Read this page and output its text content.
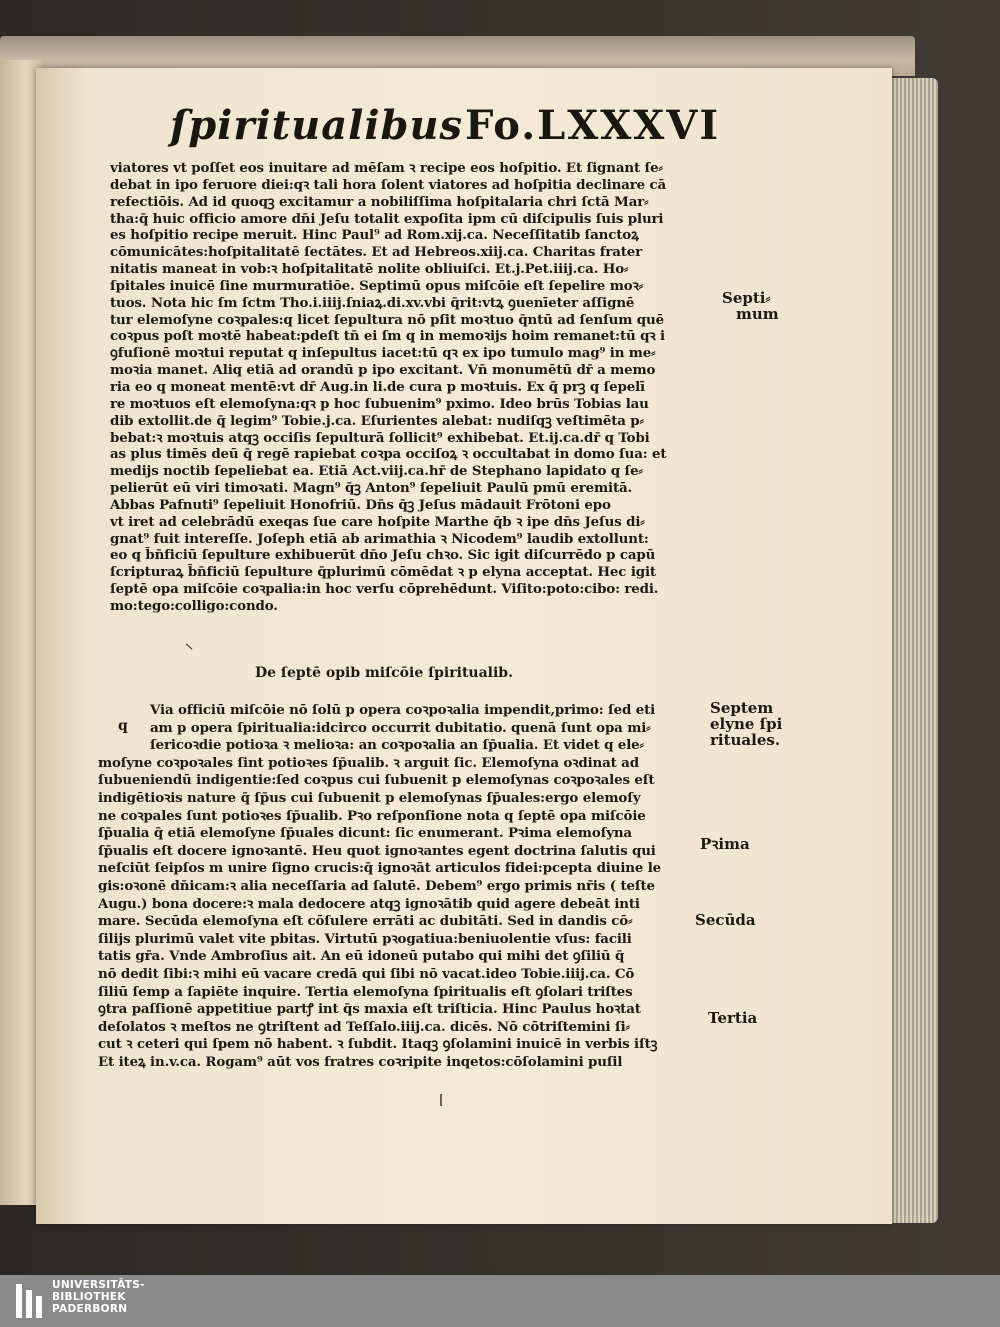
ſpiritualibus Fo.LXXXVI
viatores vt poſſet eos inuitare ad mēſam ꝛ recipe eos hoſpitio. Et ſignant ſe⸗
debat in ipo feruore diei:qꝛ tali hora ſolent viatores ad hoſpitia declinare cā
refectiōis. Ad id quoqꝫ excitamur a nobiliſſima hoſpitalaria chri ſctā Mar⸗
tha:q̄ huic officio amore dn̄i Jeſu totalit expoſita ipm cū diſcipulis ſuis pluri
es hoſpitio recipe meruit. Hinc Paul⁹ ad Rom.xij.ca. Neceſſitatib ſanctoꝝ
cōmunicātes:hoſpitalitatē ſectātes. Et ad Hebreos.xiij.ca. Charitas frater
nitatis maneat in vob:ꝛ hoſpitalitatē nolite obliuiſci. Et.j.Pet.iiij.ca. Ho⸗
ſpitales inuicē ſine murmuratiōe. Septimū opus miſcōie eſt ſepelire moꝛ⸗
tuos. Nota hic ſm ſctm Tho.i.iiij.ſniaꝝ.di.xv.vbi q̄rit:vtꝝ ꝯuenīeter aſſignē
tur elemoſyne coꝛpales:q licet ſepultura nō pſit moꝛtuo q̄ntū ad ſenſum quē
coꝛpus poſt moꝛtē habeat:pdeſt tn̄ ei ſm q in memoꝛijs hoim remanet:tū qꝛ i
ꝯfuſionē moꝛtui reputat q inſepultus iacet:tū qꝛ ex ipo tumulo mag⁹ in me⸗
moꝛia manet. Aliq etiā ad orandū p ipo excitant. Vn̄ monumētū dr̄ a memo
ria eo q moneat mentē:vt dr̄ Aug.in li.de cura p moꝛtuis. Ex q̄ prꝫ q ſepelī
re moꝛtuos eſt elemoſyna:qꝛ p hoc ſubuenim⁹ pximo. Ideo brūs Tobias lau
dib extollit.de q̄ legim⁹ Tobie.j.ca. Eſurientes alebat: nudiſqꝫ veſtimēta p⸗
bebat:ꝛ moꝛtuis atqꝫ occiſis ſepulturā ſollicit⁹ exhibebat. Et.ij.ca.dr̄ q Tobi
as plus timēs deū q̄ regē rapiebat coꝛpa occiſoꝝ ꝛ occultabat in domo ſua: et
medijs noctib ſepeliebat ea. Etiā Act.viij.ca.hr̄ de Stephano lapidato q ſe⸗
pelierūt eū viri timoꝛati. Magn⁹ q̄ꝫ Anton⁹ ſepeliuit Paulū pmū eremitā.
Abbas Pafnuti⁹ ſepeliuit Honofriū. Dn̄s q̄ꝫ Jeſus mādauit Frōtoni epo
vt iret ad celebrādū exeqas ſue care hoſpite Marthe q̄b ꝛ ipe dn̄s Jeſus di⸗
gnat⁹ fuit intereſſe. Joſeph etiā ab arimathia ꝛ Nicodem⁹ laudib extollunt:
eo q b̄n̄ficiū ſepulture exhibuerūt dn̄o Jeſu chꝛo. Sic igit diſcurrēdo p capū
ſcripturaꝝ b̄n̄ficiū ſepulture q̄plurimū cōmēdat ꝛ p elyna acceptat. Hec igit
ſeptē opa miſcōie coꝛpalia:in hoc verſu cōprehēdunt. Viſito:poto:cibo: redi.
mo:tego:colligo:condo.
De ſeptē opib miſcōie ſpiritualib.
Via officiū miſcōie nō ſolū p opera coꝛpoꝛalia impendit,primo: ſed eti
am p opera ſpiritualia:idcirco occurrit dubitatio. quenā ſunt opa mi⸗
ſericoꝛdie potioꝛa ꝛ melioꝛa: an coꝛpoꝛalia an ſp̄ualia. Et videt q ele⸗
moſyne coꝛpoꝛales ſint potioꝛes ſp̄ualib. ꝛ arguit ſic. Elemoſyna oꝛdinat ad
ſubueniendū indigentie:ſed coꝛpus cui ſubuenit p elemoſynas coꝛpoꝛales eſt
indigētioꝛis nature q̄ ſp̄us cui ſubuenit p elemoſynas ſp̄uales:ergo elemoſy
ne coꝛpales ſunt potioꝛes ſp̄ualib. Pꝛo reſponſione nota q ſeptē opa miſcōie
ſp̄ualia q̄ etiā elemoſyne ſp̄uales dicunt: ſic enumerant. Pꝛima elemoſyna
ſp̄ualis eſt docere ignoꝛantē. Heu quot ignoꝛantes egent doctrina ſalutis qui
neſciūt ſeipſos m unire ſigno crucis:q̄ ignoꝛāt articulos fidei:pcepta diuine le
gis:oꝛonē dn̄icam:ꝛ alia neceſſaria ad ſalutē. Debem⁹ ergo primis nr̄is ( teſte
Augu.) bona docere:ꝛ mala dedocere atqꝫ ignoꝛātib quid agere debeāt inti
mare. Secūda elemoſyna eſt cōſulere errāti ac dubitāti. Sed in dandis cō⸗
ſilijs plurimū valet vite pbitas. Virtutū pꝛogatiua:beniuolentie vſus: facili
tatis gr̄a. Vnde Ambroſius ait. An eū idoneū putabo qui mihi det ꝯſiliū q̄
nō dedit ſibi:ꝛ mihi eū vacare credā qui ſibi nō vacat.ideo Tobie.iiij.ca. Cō
ſiliū ſemp a ſapiēte inquire. Tertia elemoſyna ſpiritualis eſt ꝯſolari triſtes
ꝯtra paſſionē appetitiue partꝭ int q̄s maxia eſt triſticia. Hinc Paulus hoꝛtat
deſolatos ꝛ meſtos ne ꝯtriſtent ad Teſſalo.iiij.ca. dicēs. Nō cōtriſtemini ſi⸗
cut ꝛ ceteri qui ſpem nō habent. ꝛ ſubdit. Itaqꝫ ꝯſolamini inuicē in verbis iſtꝫ
Et iteꝝ in.v.ca. Rogam⁹ aūt vos fratres coꝛripite inqetos:cōſolamini puſil
q
Septi⸗
mum
Septem
elyne ſpi
rituales.
Pꝛima
Secūda
Tertia
UNIVERSITÄTS-
BIBLIOTHEK
PADERBORN
